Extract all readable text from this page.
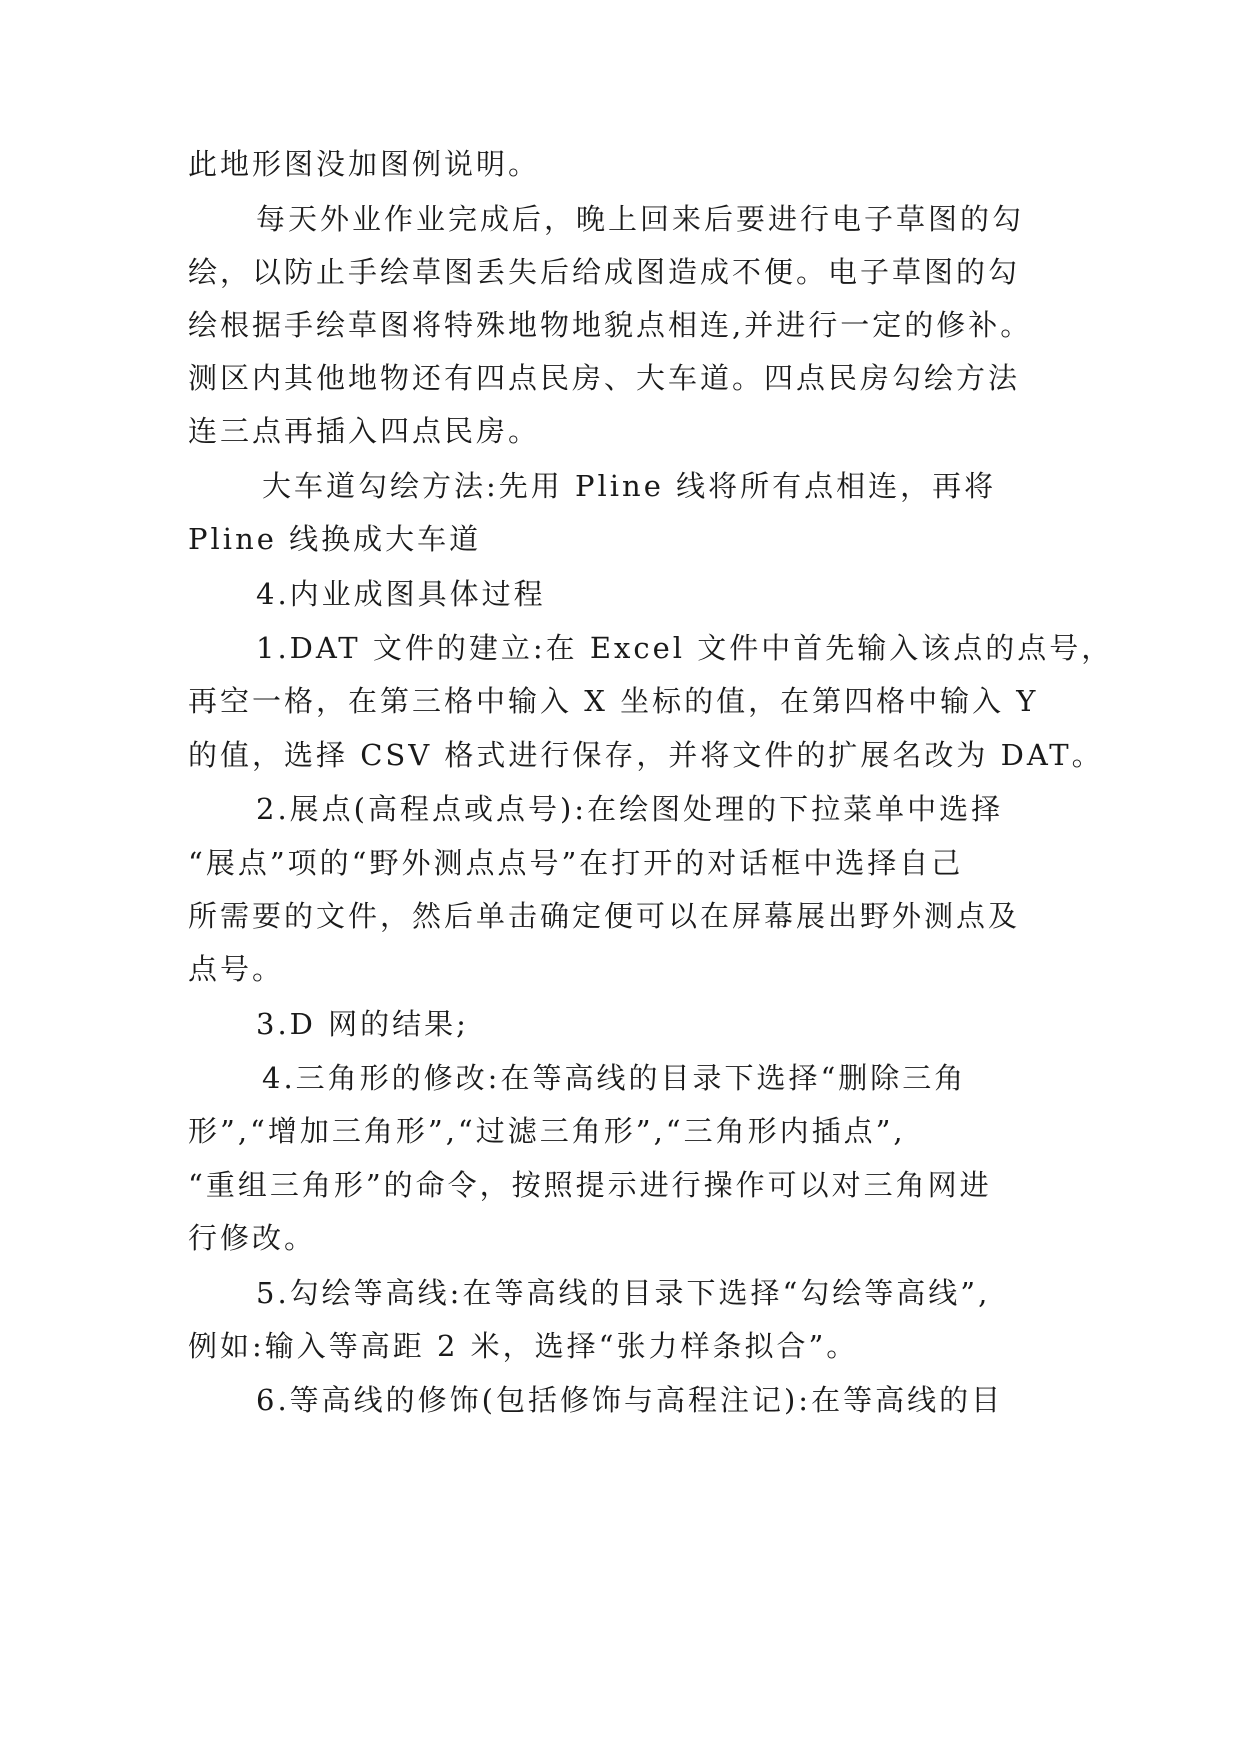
此地形图没加图例说明。
每天外业作业完成后，晚上回来后要进行电子草图的勾
绘，以防止手绘草图丢失后给成图造成不便。电子草图的勾
绘根据手绘草图将特殊地物地貌点相连,并进行一定的修补。
测区内其他地物还有四点民房、大车道。四点民房勾绘方法
连三点再插入四点民房。
大车道勾绘方法:先用 Pline 线将所有点相连，再将
Pline 线换成大车道
4.内业成图具体过程
1.DAT 文件的建立:在 Excel 文件中首先输入该点的点号，
再空一格，在第三格中输入 X 坐标的值，在第四格中输入 Y
的值，选择 CSV 格式进行保存，并将文件的扩展名改为 DAT。
2.展点(高程点或点号):在绘图处理的下拉菜单中选择
“展点”项的“野外测点点号”在打开的对话框中选择自己
所需要的文件，然后单击确定便可以在屏幕展出野外测点及
点号。
3.D 网的结果;
4.三角形的修改:在等高线的目录下选择“删除三角
形”,“增加三角形”,“过滤三角形”,“三角形内插点”,
“重组三角形”的命令，按照提示进行操作可以对三角网进
行修改。
5.勾绘等高线:在等高线的目录下选择“勾绘等高线”,
例如:输入等高距 2 米，选择“张力样条拟合”。
6.等高线的修饰(包括修饰与高程注记):在等高线的目
